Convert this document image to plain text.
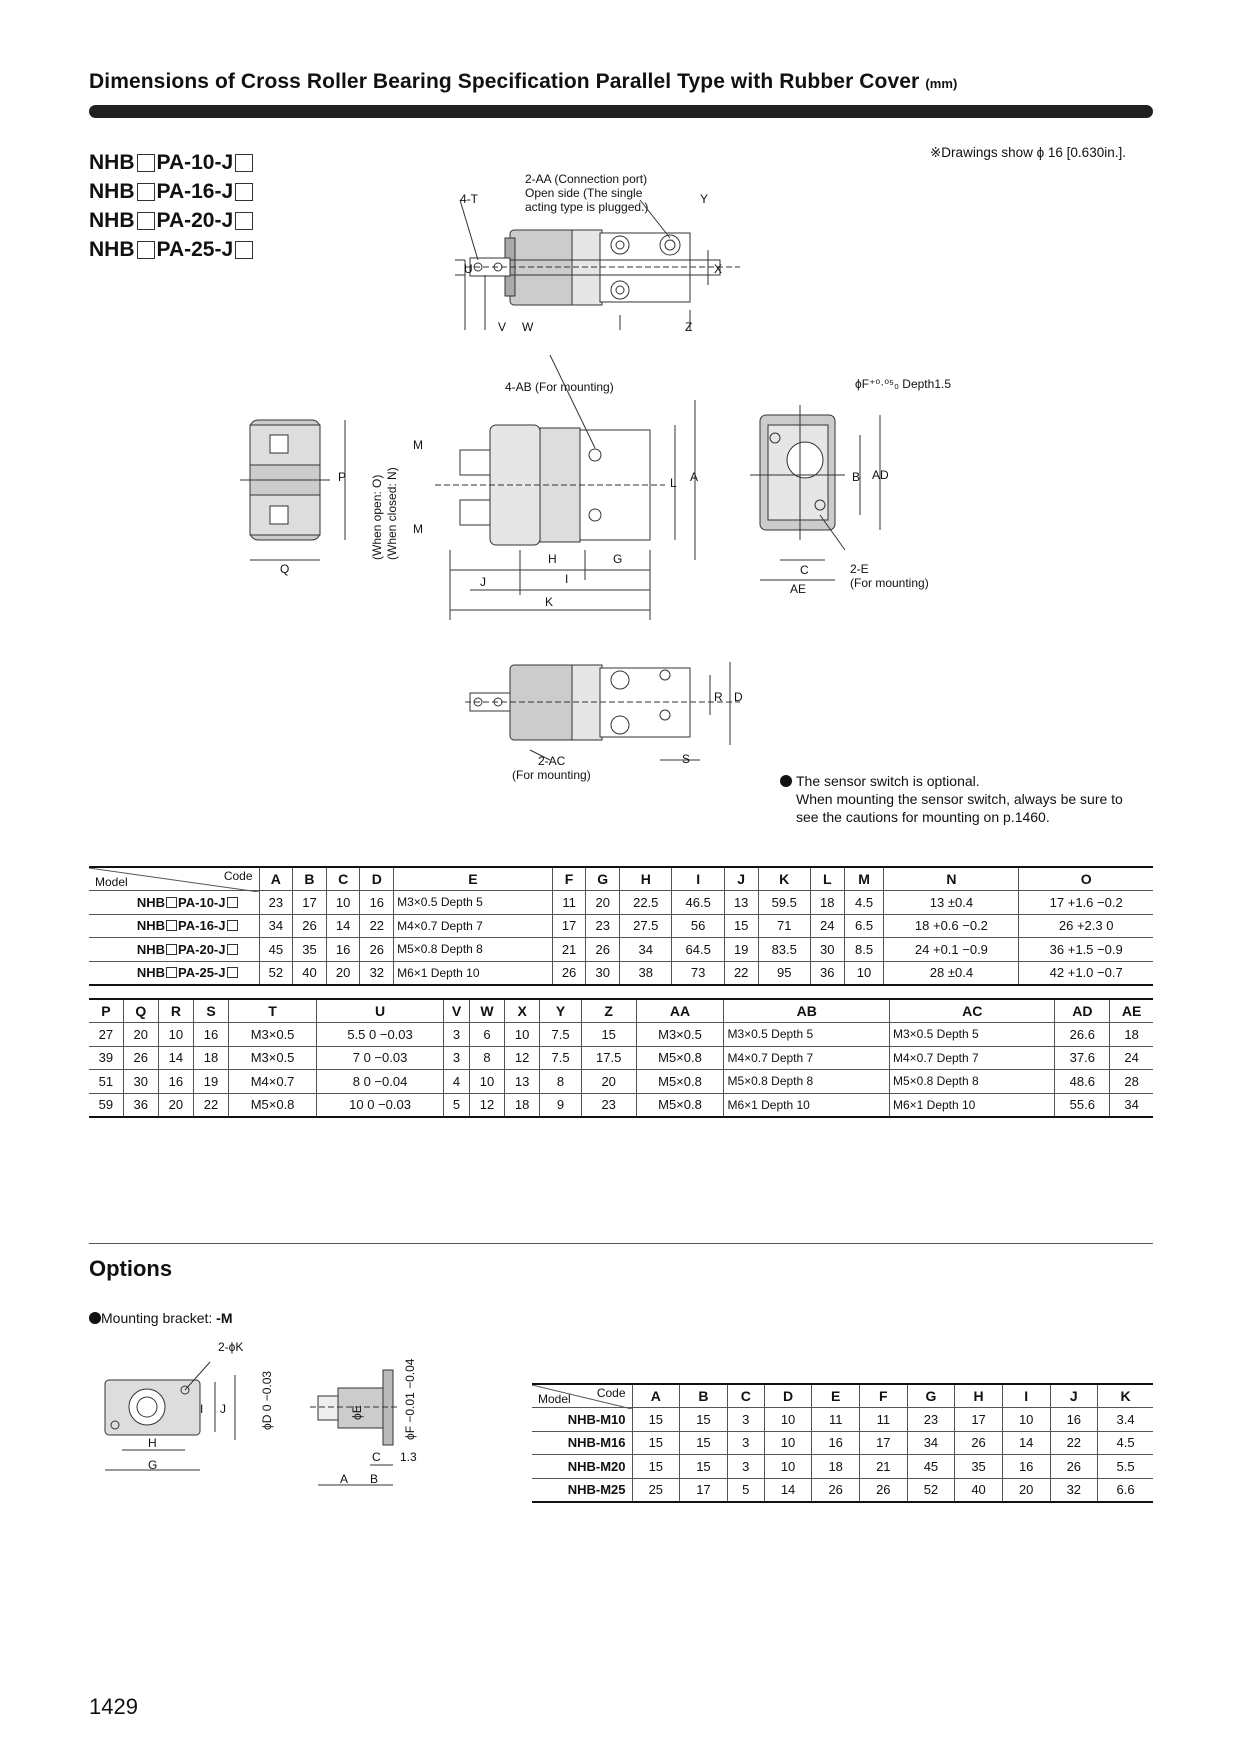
Dimensions of Cross Roller Bearing Specification Parallel Type with Rubber Cover (mm)
NHB PA-10-J
NHB PA-16-J
NHB PA-20-J
NHB PA-25-J
※Drawings show ϕ 16 [0.630in.].
2-AA (Connection port)
Open side (The single
acting type is plugged.)
4-T	Y
X
U
V W	Z
4-AB (For mounting)	ϕF⁺⁰·⁰⁵₀ Depth1.5
P
Q
M
M
(When open: O) (When closed: N)	L A
H	G
J	I
K
B AD
C
AE
2-E
(For mounting)
R D
S
2-AC
(For mounting)	The sensor switch is optional.
When mounting the sensor switch, always be sure to
see the cautions for mounting on p.1460.
Code
Model	A	B	C	D	E	F	G	H	I	J	K	L	M	N	O
NHB PA-10-J	23	17	10	16	M3×0.5 Depth 5	11	20	22.5	46.5	13	59.5	18	4.5	13 ±0.4	17 +1.6 −0.2
NHB PA-16-J	34	26	14	22	M4×0.7 Depth 7	17	23	27.5	56	15	71	24	6.5	18 +0.6 −0.2	26 +2.3 0
NHB PA-20-J	45	35	16	26	M5×0.8 Depth 8	21	26	34	64.5	19	83.5	30	8.5	24 +0.1 −0.9	36 +1.5 −0.9
NHB PA-25-J	52	40	20	32	M6×1 Depth 10	26	30	38	73	22	95	36	10	28 ±0.4	42 +1.0 −0.7
P	Q	R	S	T	U	V	W	X	Y	Z	AA	AB	AC	AD	AE
27	20	10	16	M3×0.5	5.5 0 −0.03	3	6	10	7.5	15	M3×0.5	M3×0.5 Depth 5	M3×0.5 Depth 5	26.6	18
39	26	14	18	M3×0.5	7 0 −0.03	3	8	12	7.5	17.5	M5×0.8	M4×0.7 Depth 7	M4×0.7 Depth 7	37.6	24
51	30	16	19	M4×0.7	8 0 −0.04	4	10	13	8	20	M5×0.8	M5×0.8 Depth 8	M5×0.8 Depth 8	48.6	28
59	36	20	22	M5×0.8	10 0 −0.03	5	12	18	9	23	M5×0.8	M6×1 Depth 10	M6×1 Depth 10	55.6	34
Options
Mounting bracket: -M
2-ϕK
I J
H
G
ϕD 0 −0.03	ϕE	ϕF −0.01 −0.04
C 1.3
A B
Code
Model	A	B	C	D	E	F	G	H	I	J	K
NHB-M10	15	15	3	10	11	11	23	17	10	16	3.4
NHB-M16	15	15	3	10	16	17	34	26	14	22	4.5
NHB-M20	15	15	3	10	18	21	45	35	16	26	5.5
NHB-M25	25	17	5	14	26	26	52	40	20	32	6.6
1429
